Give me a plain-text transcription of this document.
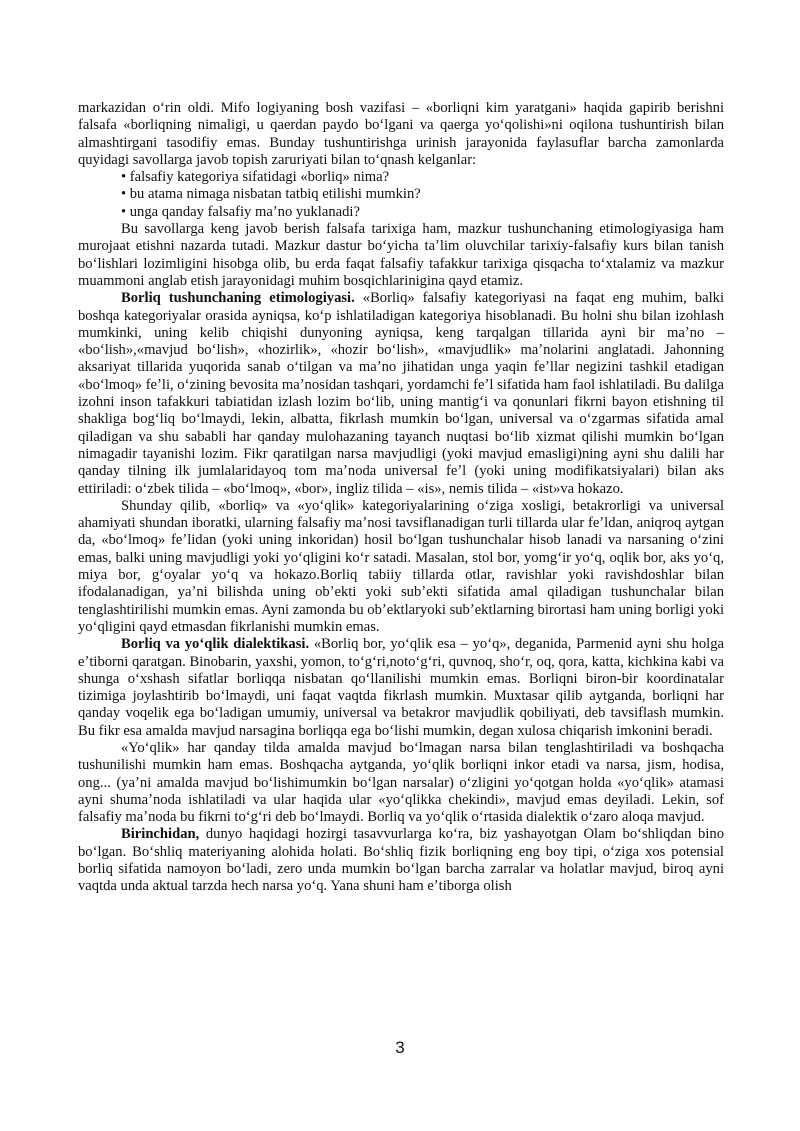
markazidan oʻrin oldi. Mifo logiyaning bosh vazifasi – «borliqni kim yaratgani» haqida gapirib berishni falsafa «borliqning nimaligi, u qaerdan paydo boʻlgani va qaerga yoʻqolishi»ni oqilona tushuntirish bilan almashtirgani tasodifiy emas. Bunday tushuntirishga urinish jarayonida faylasuflar barcha zamonlarda quyidagi savollarga javob topish zaruriyati bilan toʻqnash kelganlar:

• falsafiy kategoriya sifatidagi «borliq» nima?

• bu atama nimaga nisbatan tatbiq etilishi mumkin?

• unga qanday falsafiy maʼno yuklanadi?

Bu savollarga keng javob berish falsafa tarixiga ham, mazkur tushunchaning etimologiyasiga ham murojaat etishni nazarda tutadi. Mazkur dastur boʻyicha taʼlim oluvchilar tarixiy-falsafiy kurs bilan tanish boʻlishlari lozimligini hisobga olib, bu erda faqat falsafiy tafakkur tarixiga qisqacha toʻxtalamiz va mazkur muammoni anglab etish jarayonidagi muhim bosqichlarinigina qayd etamiz.

Borliq tushunchaning etimologiyasi. «Borliq» falsafiy kategoriyasi na faqat eng muhim, balki boshqa kategoriyalar orasida ayniqsa, koʻp ishlatiladigan kategoriya hisoblanadi. Bu holni shu bilan izohlash mumkinki, uning kelib chiqishi dunyoning ayniqsa, keng tarqalgan tillarida ayni bir maʼno – «boʻlish»,«mavjud boʻlish», «hozirlik», «hozir boʻlish», «mavjudlik» maʼnolarini anglatadi. Jahonning aksariyat tillarida yuqorida sanab oʻtilgan va maʼno jihatidan unga yaqin feʼllar negizini tashkil etadigan «boʻlmoq» feʼli, oʻzining bevosita maʼnosidan tashqari, yordamchi feʼl sifatida ham faol ishlatiladi. Bu dalilga izohni inson tafakkuri tabiatidan izlash lozim boʻlib, uning mantigʻi va qonunlari fikrni bayon etishning til shakliga bogʻliq boʻlmaydi, lekin, albatta, fikrlash mumkin boʻlgan, universal va oʻzgarmas sifatida amal qiladigan va shu sababli har qanday mulohazaning tayanch nuqtasi boʻlib xizmat qilishi mumkin boʻlgan nimagadir tayanishi lozim. Fikr qaratilgan narsa mavjudligi (yoki mavjud emasligi)ning ayni shu dalili har qanday tilning ilk jumlalaridayoq tom maʼnoda universal feʼl (yoki uning modifikatsiyalari) bilan aks ettiriladi: oʻzbek tilida – «boʻlmoq», «bor», ingliz tilida – «is», nemis tilida – «ist»va hokazo.

Shunday qilib, «borliq» va «yoʻqlik» kategoriyalarining oʻziga xosligi, betakrorligi va universal ahamiyati shundan iboratki, ularning falsafiy maʼnosi tavsiflanadigan turli tillarda ular feʼldan, aniqroq aytgan da, «boʻlmoq» feʼlidan (yoki uning inkoridan) hosil boʻlgan tushunchalar hisob lanadi va narsaning oʻzini emas, balki uning mavjudligi yoki yoʻqligini koʻr satadi. Masalan, stol bor, yomgʻir yoʻq, oqlik bor, aks yoʻq, miya bor, gʻoyalar yoʻq va hokazo.Borliq tabiiy tillarda otlar, ravishlar yoki ravishdoshlar bilan ifodalanadigan, yaʼni bilishda uning obʼekti yoki subʼekti sifatida amal qiladigan tushunchalar bilan tenglashtirilishi mumkin emas. Ayni zamonda bu obʼektlaryoki subʼektlarning birortasi ham uning borligi yoki yoʻqligini qayd etmasdan fikrlanishi mumkin emas.

Borliq va yoʻqlik dialektikasi. «Borliq bor, yoʻqlik esa – yoʻq», deganida, Parmenid ayni shu holga eʼtiborni qaratgan. Binobarin, yaxshi, yomon, toʻgʻri,notoʻgʻri, quvnoq, shoʻr, oq, qora, katta, kichkina kabi va shunga oʻxshash sifatlar borliqqa nisbatan qoʻllanilishi mumkin emas. Borliqni biron-bir koordinatalar tizimiga joylashtirib boʻlmaydi, uni faqat vaqtda fikrlash mumkin. Muxtasar qilib aytganda, borliqni har qanday voqelik ega boʻladigan umumiy, universal va betakror mavjudlik qobiliyati, deb tavsiflash mumkin. Bu fikr esa amalda mavjud narsagina borliqqa ega boʻlishi mumkin, degan xulosa chiqarish imkonini beradi.

«Yoʻqlik» har qanday tilda amalda mavjud boʻlmagan narsa bilan tenglashtiriladi va boshqacha tushunilishi mumkin ham emas. Boshqacha aytganda, yoʻqlik borliqni inkor etadi va narsa, jism, hodisa, ong... (yaʼni amalda mavjud boʻlishimumkin boʻlgan narsalar) oʻzligini yoʻqotgan holda «yoʻqlik» atamasi ayni shumaʼnoda ishlatiladi va ular haqida ular «yoʻqlikka chekindi», mavjud emas deyiladi. Lekin, sof falsafiy maʼnoda bu fikrni toʻgʻri deb boʻlmaydi. Borliq va yoʻqlik oʻrtasida dialektik oʻzaro aloqa mavjud.

Birinchidan, dunyo haqidagi hozirgi tasavvurlarga koʻra, biz yashayotgan Olam boʻshliqdan bino boʻlgan. Boʻshliq materiyaning alohida holati. Boʻshliq fizik borliqning eng boy tipi, oʻziga xos potensial borliq sifatida namoyon boʻladi, zero unda mumkin boʻlgan barcha zarralar va holatlar mavjud, biroq ayni vaqtda unda aktual tarzda hech narsa yoʻq. Yana shuni ham eʼtiborga olish

3
